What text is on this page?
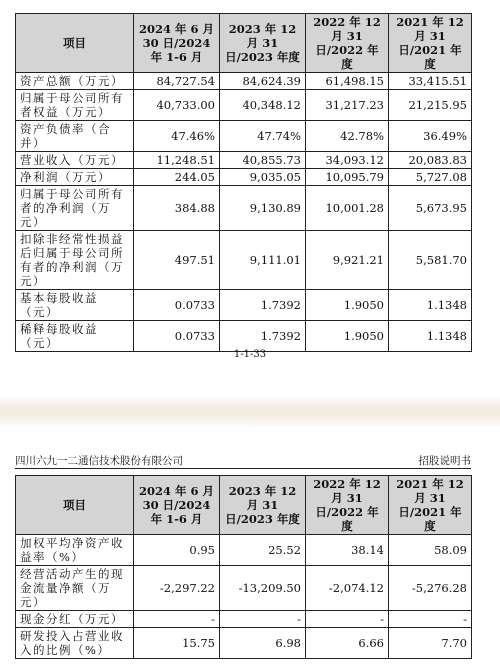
项目	2024 年 6 月 30 日/2024 年 1-6 月	2023 年 12 月 31 日/2023 年度	2022 年 12 月 31 日/2022 年度	2021 年 12 月 31 日/2021 年度
资产总额（万元）	84,727.54	84,624.39	61,498.15	33,415.51
归属于母公司所有者权益（万元）	40,733.00	40,348.12	31,217.23	21,215.95
资产负债率（合并）	47.46%	47.74%	42.78%	36.49%
营业收入（万元）	11,248.51	40,855.73	34,093.12	20,083.83
净利润（万元）	244.05	9,035.05	10,095.79	5,727.08
归属于母公司所有者的净利润（万元）	384.88	9,130.89	10,001.28	5,673.95
扣除非经常性损益后归属于母公司所有者的净利润（万元）	497.51	9,111.01	9,921.21	5,581.70
基本每股收益（元）	0.0733	1.7392	1.9050	1.1348
稀释每股收益（元）	0.0733	1.7392	1.9050	1.1348
1-1-33
四川六九一二通信技术股份有限公司	招股说明书
项目	2024 年 6 月 30 日/2024 年 1-6 月	2023 年 12 月 31 日/2023 年度	2022 年 12 月 31 日/2022 年度	2021 年 12 月 31 日/2021 年度
加权平均净资产收益率（%）	0.95	25.52	38.14	58.09
经营活动产生的现金流量净额（万元）	-2,297.22	-13,209.50	-2,074.12	-5,276.28
现金分红（万元）	-	-	-	-
研发投入占营业收入的比例（%）	15.75	6.98	6.66	7.70
